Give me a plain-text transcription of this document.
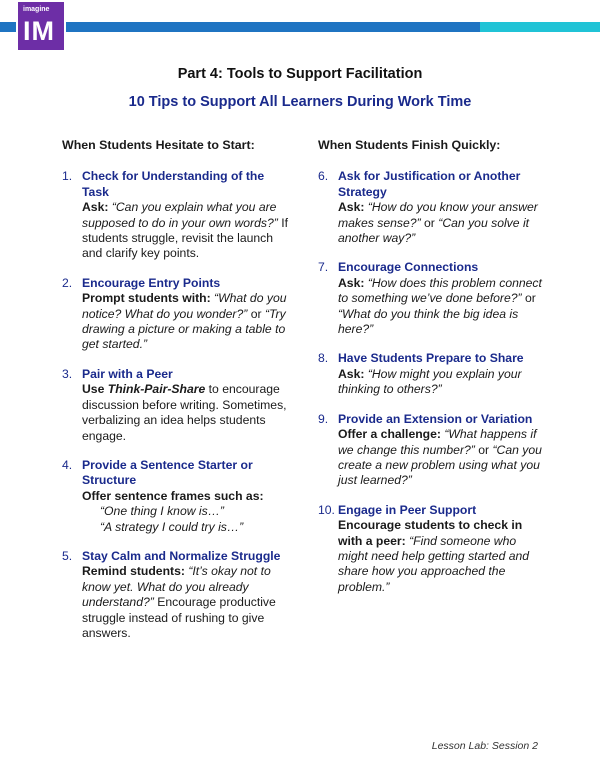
imagine
IM
Part 4: Tools to Support Facilitation
10 Tips to Support All Learners During Work Time
When Students Hesitate to Start:
1. Check for Understanding of the Task
Ask: “Can you explain what you are supposed to do in your own words?” If students struggle, revisit the launch and clarify key points.
2. Encourage Entry Points
Prompt students with: “What do you notice? What do you wonder?” or “Try drawing a picture or making a table to get started.”
3. Pair with a Peer
Use Think-Pair-Share to encourage discussion before writing. Sometimes, verbalizing an idea helps students engage.
4. Provide a Sentence Starter or Structure
Offer sentence frames such as:
“One thing I know is…”
“A strategy I could try is…”
5. Stay Calm and Normalize Struggle
Remind students: “It’s okay not to know yet. What do you already understand?” Encourage productive struggle instead of rushing to give answers.
When Students Finish Quickly:
6. Ask for Justification or Another Strategy
Ask: “How do you know your answer makes sense?” or “Can you solve it another way?”
7. Encourage Connections
Ask: “How does this problem connect to something we’ve done before?” or “What do you think the big idea is here?”
8. Have Students Prepare to Share
Ask: “How might you explain your thinking to others?”
9. Provide an Extension or Variation
Offer a challenge: “What happens if we change this number?” or “Can you create a new problem using what you just learned?”
10. Engage in Peer Support
Encourage students to check in with a peer: “Find someone who might need help getting started and share how you approached the problem.”
Lesson Lab: Session 2
